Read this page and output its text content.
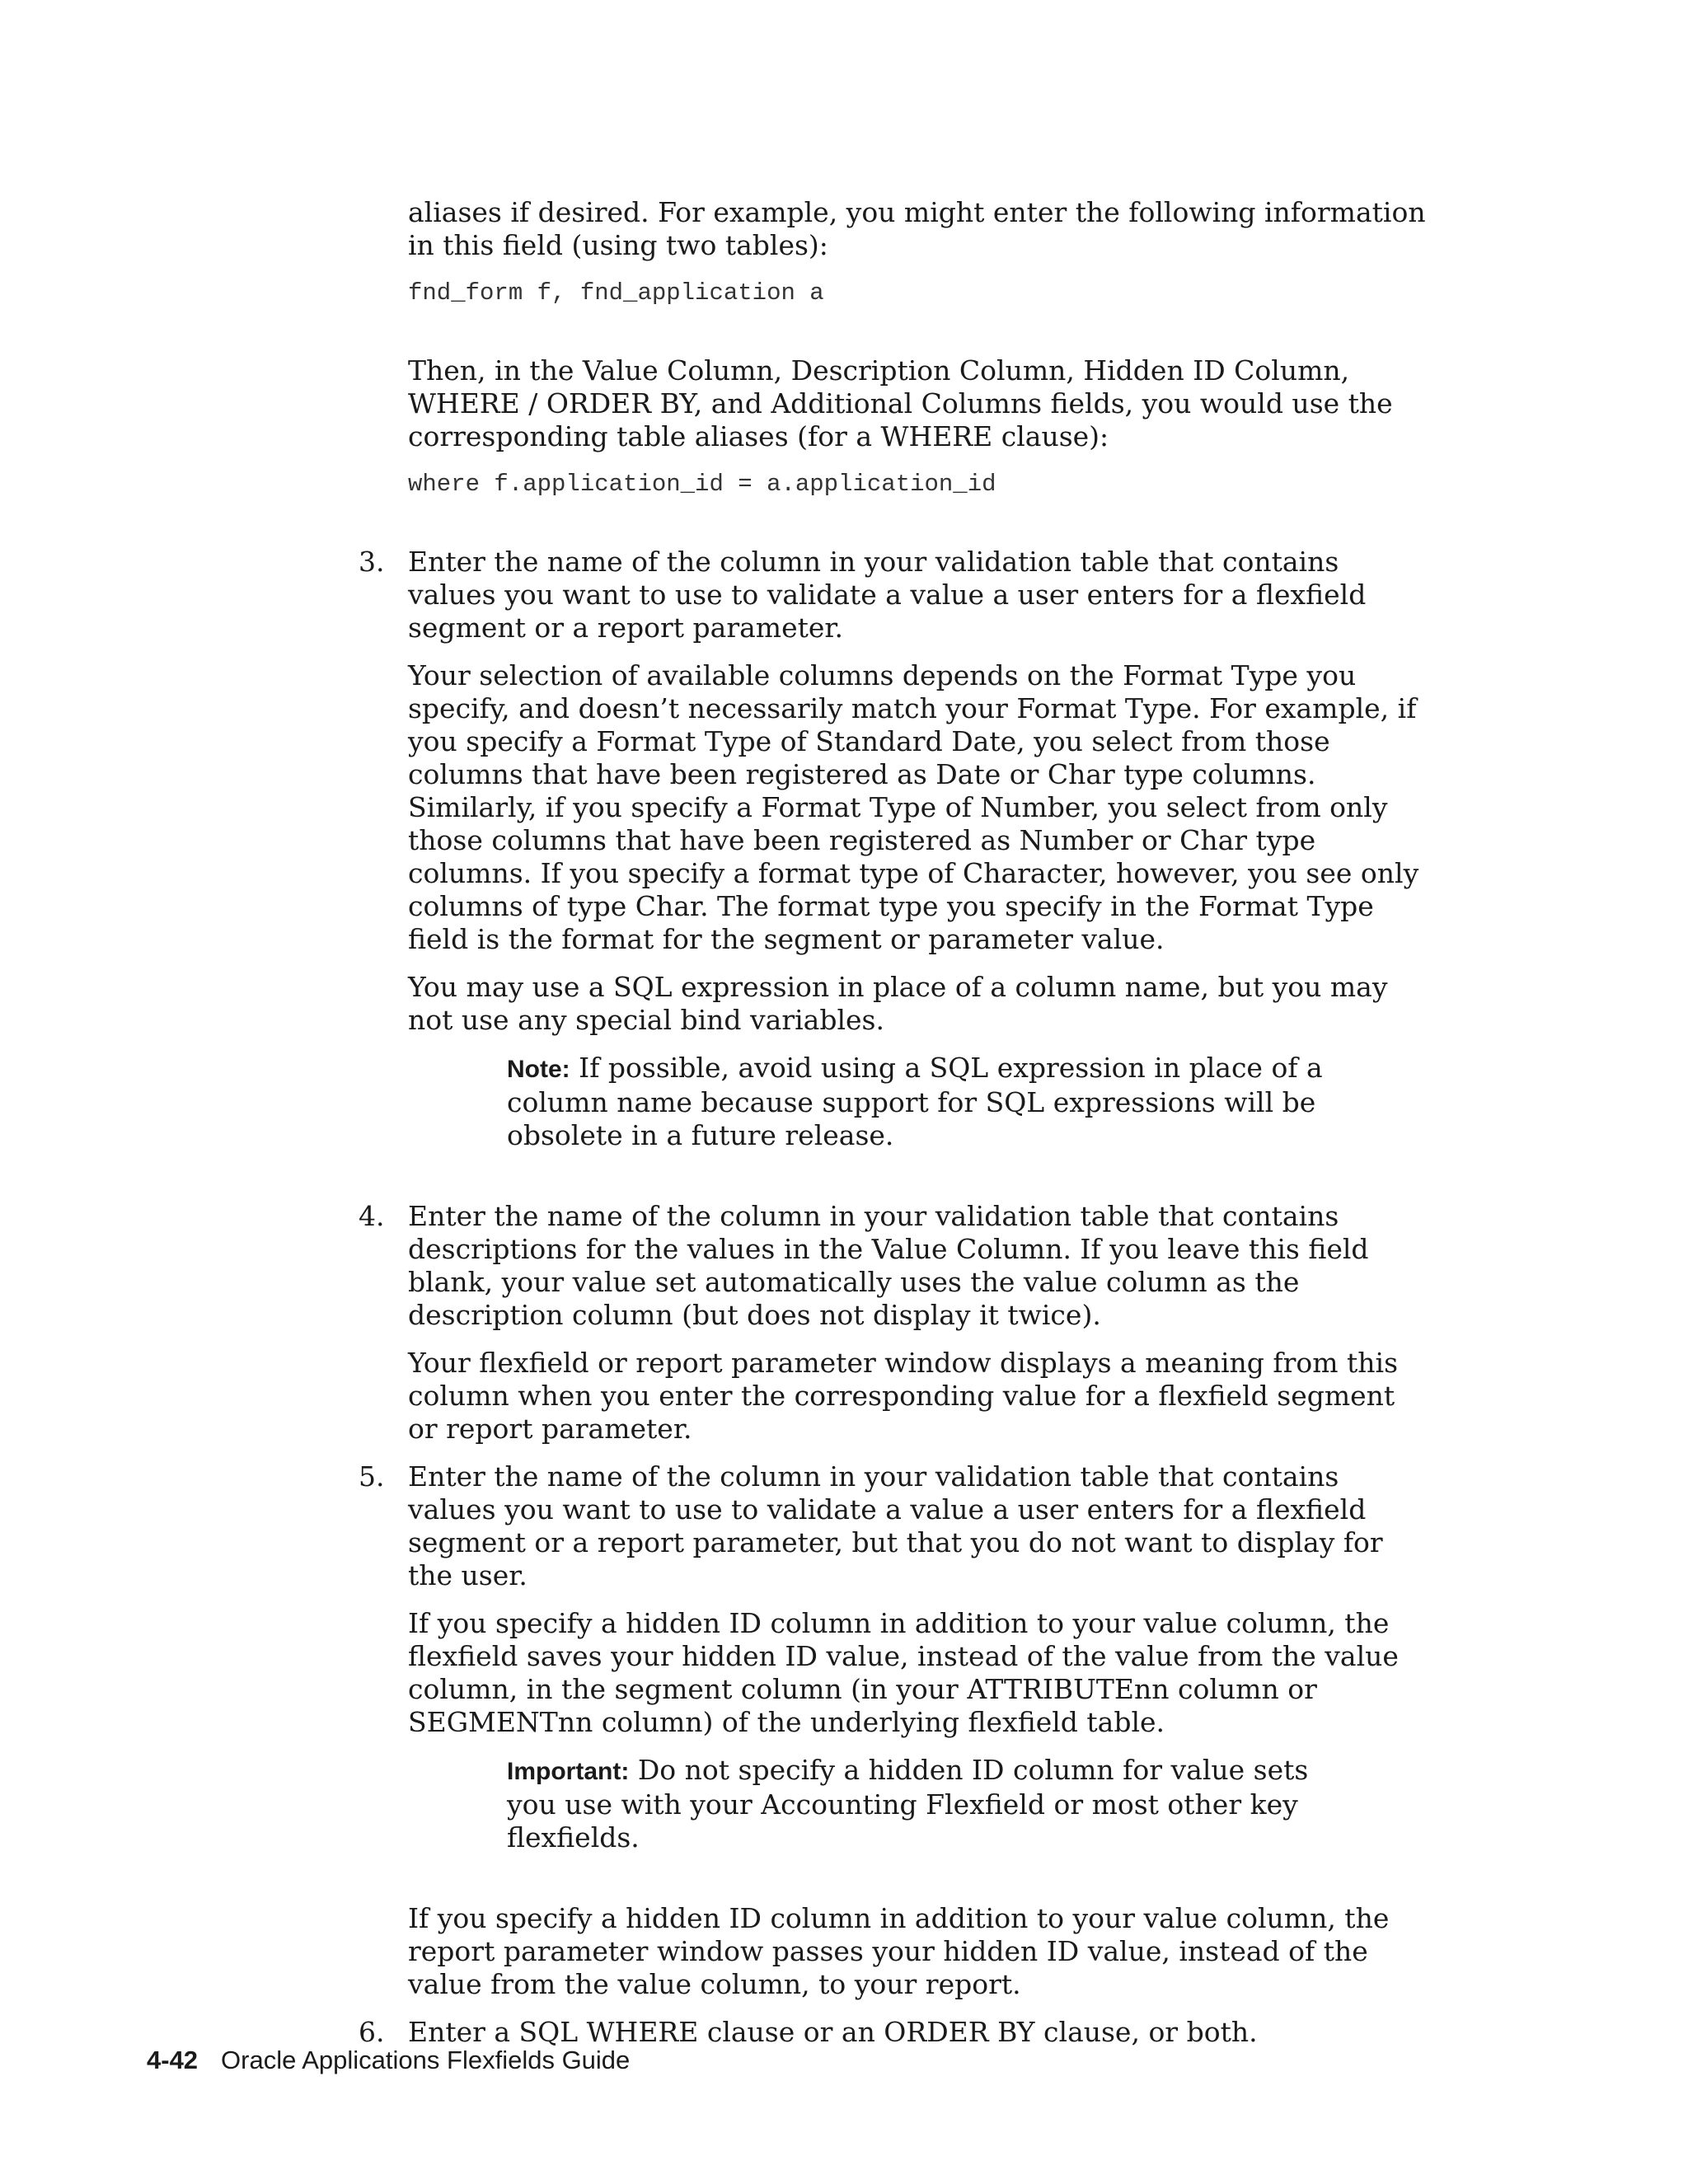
aliases if desired. For example, you might enter the following information in this field (using two tables):

fnd_form f, fnd_application a

Then, in the Value Column, Description Column, Hidden ID Column, WHERE / ORDER BY, and Additional Columns fields, you would use the corresponding table aliases (for a WHERE clause):

where f.application_id = a.application_id
3. Enter the name of the column in your validation table that contains values you want to use to validate a value a user enters for a flexfield segment or a report parameter.

Your selection of available columns depends on the Format Type you specify, and doesn’t necessarily match your Format Type. For example, if you specify a Format Type of Standard Date, you select from those columns that have been registered as Date or Char type columns. Similarly, if you specify a Format Type of Number, you select from only those columns that have been registered as Number or Char type columns. If you specify a format type of Character, however, you see only columns of type Char. The format type you specify in the Format Type field is the format for the segment or parameter value.

You may use a SQL expression in place of a column name, but you may not use any special bind variables.

Note: If possible, avoid using a SQL expression in place of a column name because support for SQL expressions will be obsolete in a future release.
4. Enter the name of the column in your validation table that contains descriptions for the values in the Value Column. If you leave this field blank, your value set automatically uses the value column as the description column (but does not display it twice).

Your flexfield or report parameter window displays a meaning from this column when you enter the corresponding value for a flexfield segment or report parameter.

5. Enter the name of the column in your validation table that contains values you want to use to validate a value a user enters for a flexfield segment or a report parameter, but that you do not want to display for the user.

If you specify a hidden ID column in addition to your value column, the flexfield saves your hidden ID value, instead of the value from the value column, in the segment column (in your ATTRIBUTEnn column or SEGMENTnn column) of the underlying flexfield table.

Important: Do not specify a hidden ID column for value sets you use with your Accounting Flexfield or most other key flexfields.

If you specify a hidden ID column in addition to your value column, the report parameter window passes your hidden ID value, instead of the value from the value column, to your report.

6. Enter a SQL WHERE clause or an ORDER BY clause, or both.

4-42 Oracle Applications Flexfields Guide
